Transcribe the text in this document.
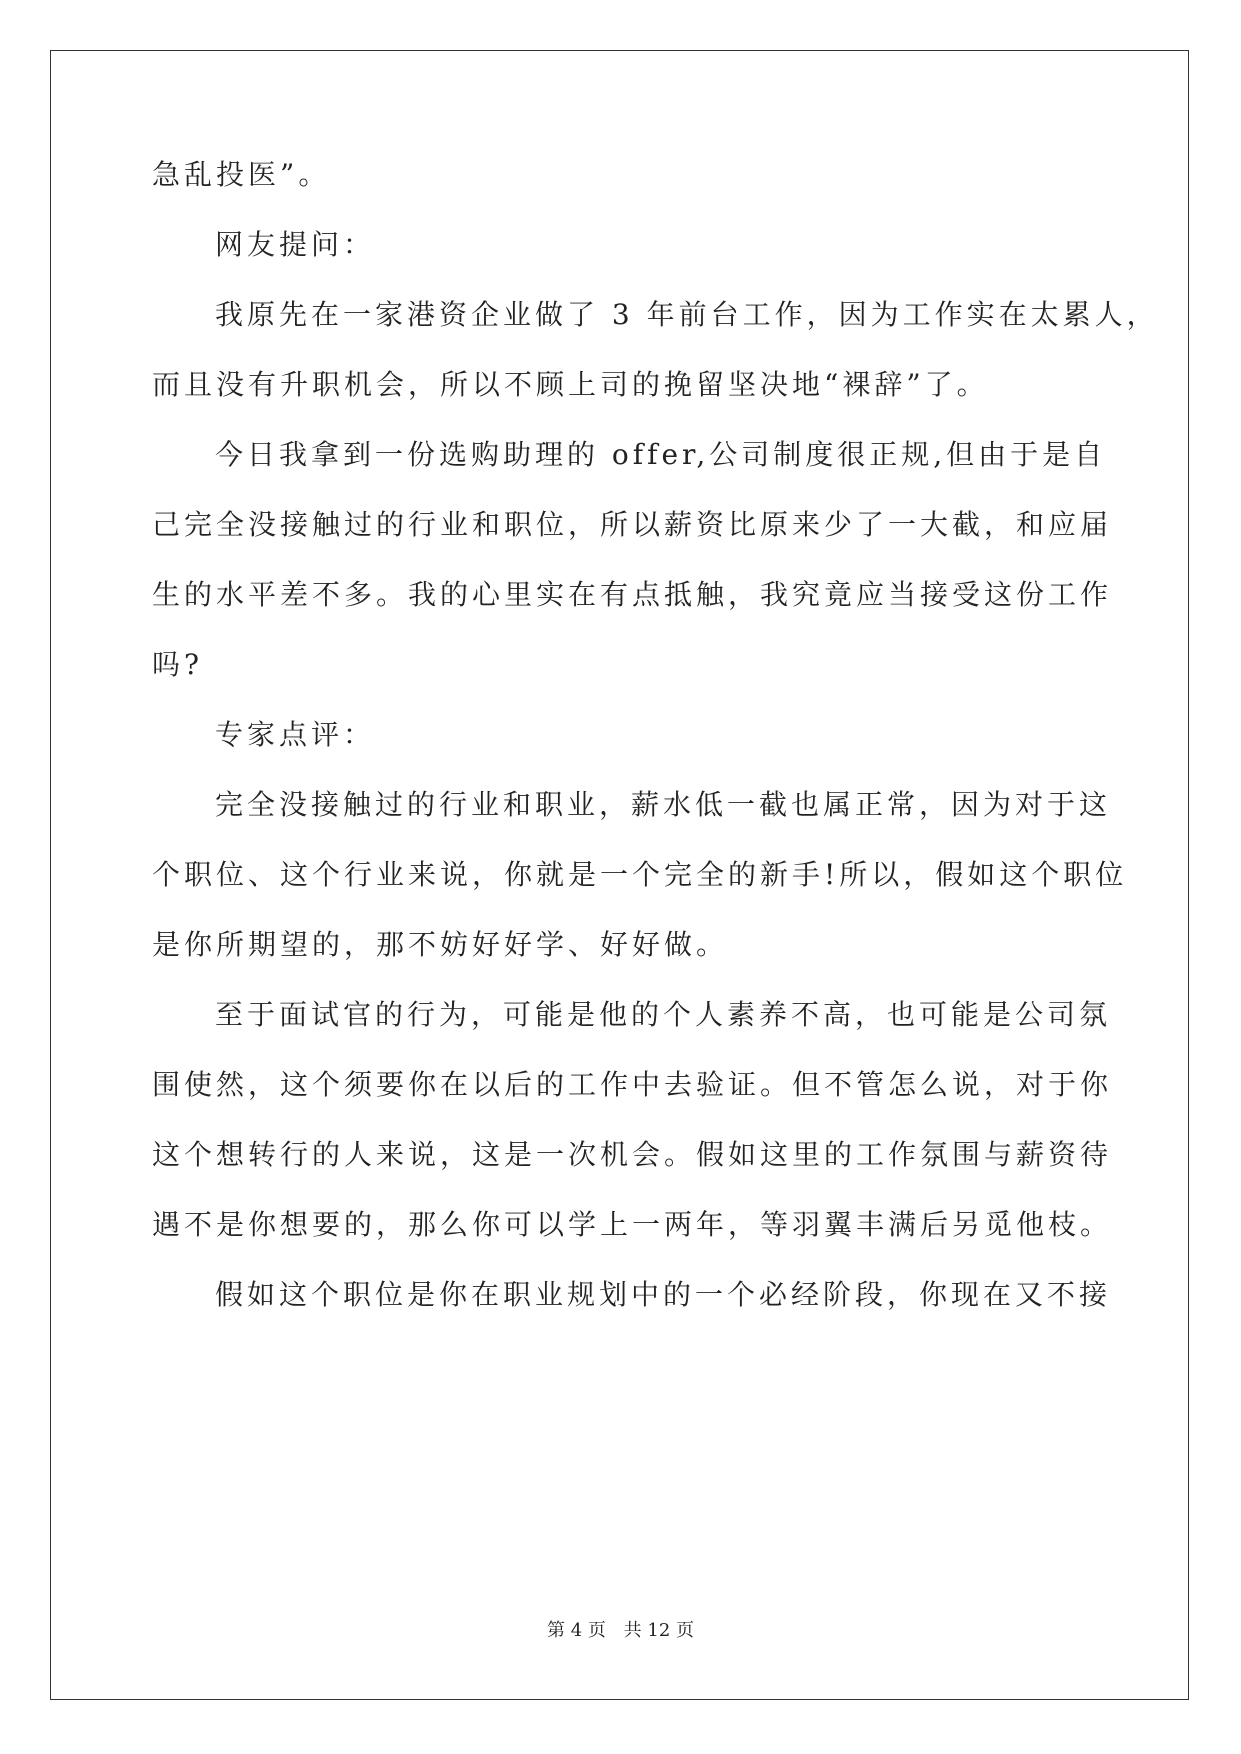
急乱投医”。
网友提问：
我原先在一家港资企业做了 3 年前台工作，因为工作实在太累人，
而且没有升职机会，所以不顾上司的挽留坚决地“裸辞”了。
今日我拿到一份选购助理的 offer,公司制度很正规,但由于是自
己完全没接触过的行业和职位，所以薪资比原来少了一大截，和应届
生的水平差不多。我的心里实在有点抵触，我究竟应当接受这份工作
吗?
专家点评：
完全没接触过的行业和职业，薪水低一截也属正常，因为对于这
个职位、这个行业来说，你就是一个完全的新手!所以，假如这个职位
是你所期望的，那不妨好好学、好好做。
至于面试官的行为，可能是他的个人素养不高，也可能是公司氛
围使然，这个须要你在以后的工作中去验证。但不管怎么说，对于你
这个想转行的人来说，这是一次机会。假如这里的工作氛围与薪资待
遇不是你想要的，那么你可以学上一两年，等羽翼丰满后另觅他枝。
假如这个职位是你在职业规划中的一个必经阶段，你现在又不接
第 4 页 共 12 页
